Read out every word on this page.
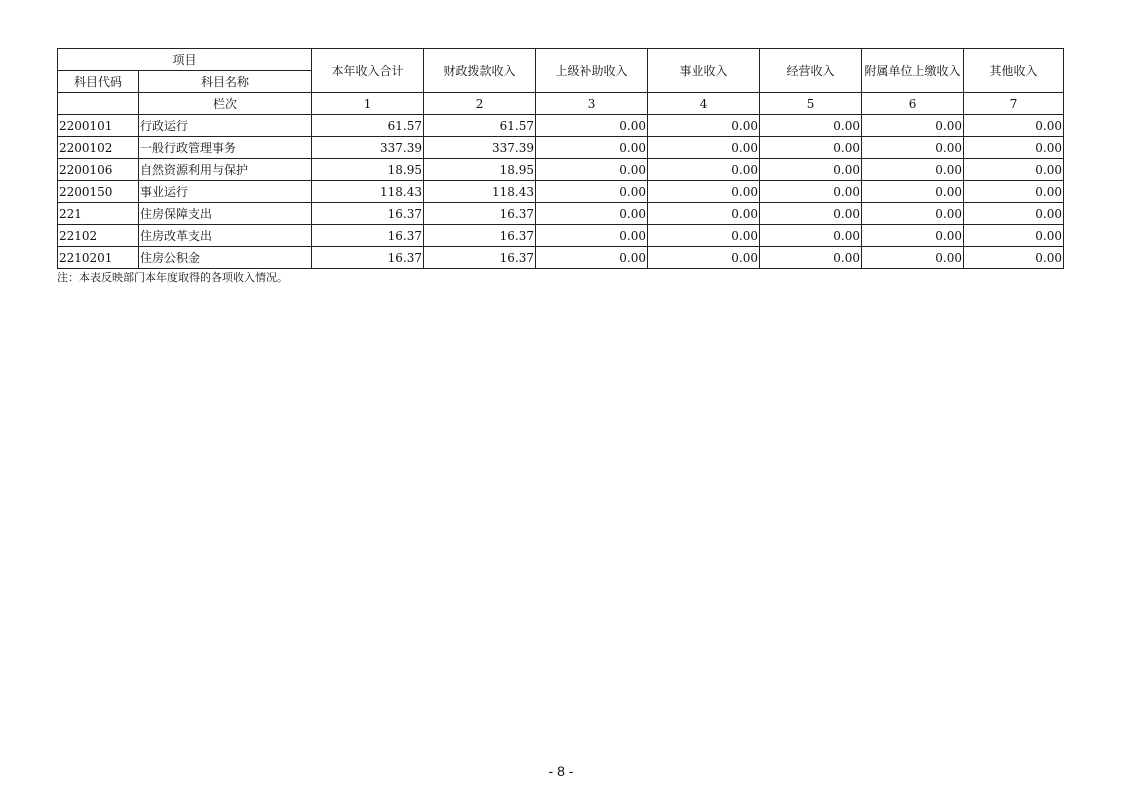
项目		本年收入合计	财政拨款收入	上级补助收入	事业收入	经营收入	附属单位上缴收入	其他收入
科目代码	科目名称							
	栏次	1	2	3	4	5	6	7
2200101	行政运行	61.57	61.57	0.00	0.00	0.00	0.00	0.00
2200102	一般行政管理事务	337.39	337.39	0.00	0.00	0.00	0.00	0.00
2200106	自然资源利用与保护	18.95	18.95	0.00	0.00	0.00	0.00	0.00
2200150	事业运行	118.43	118.43	0.00	0.00	0.00	0.00	0.00
221	住房保障支出	16.37	16.37	0.00	0.00	0.00	0.00	0.00
22102	住房改革支出	16.37	16.37	0.00	0.00	0.00	0.00	0.00
2210201	住房公积金	16.37	16.37	0.00	0.00	0.00	0.00	0.00
注：本表反映部门本年度取得的各项收入情况。
- 8 -
